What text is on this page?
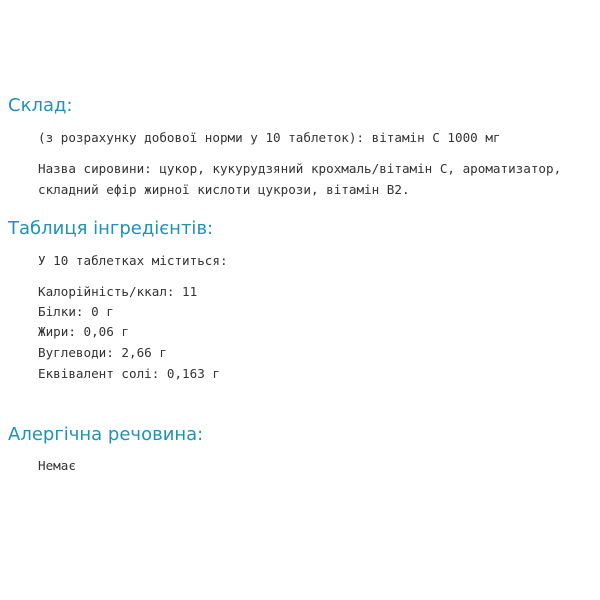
Склад:

(з розрахунку добової норми у 10 таблеток): вітамін С 1000 мг

Назва сировини: цукор, кукурудзяний крохмаль/вітамін С, ароматизатор,

складний ефір жирної кислоти цукрози, вітамін В2.

Таблиця інгредієнтів:

У 10 таблетках міститься:

Калорійність/ккал: 11

Білки: 0 г

Жири: 0,06 г

Вуглеводи: 2,66 г

Еквівалент солі: 0,163 г

Алергічна речовина:

Немає
